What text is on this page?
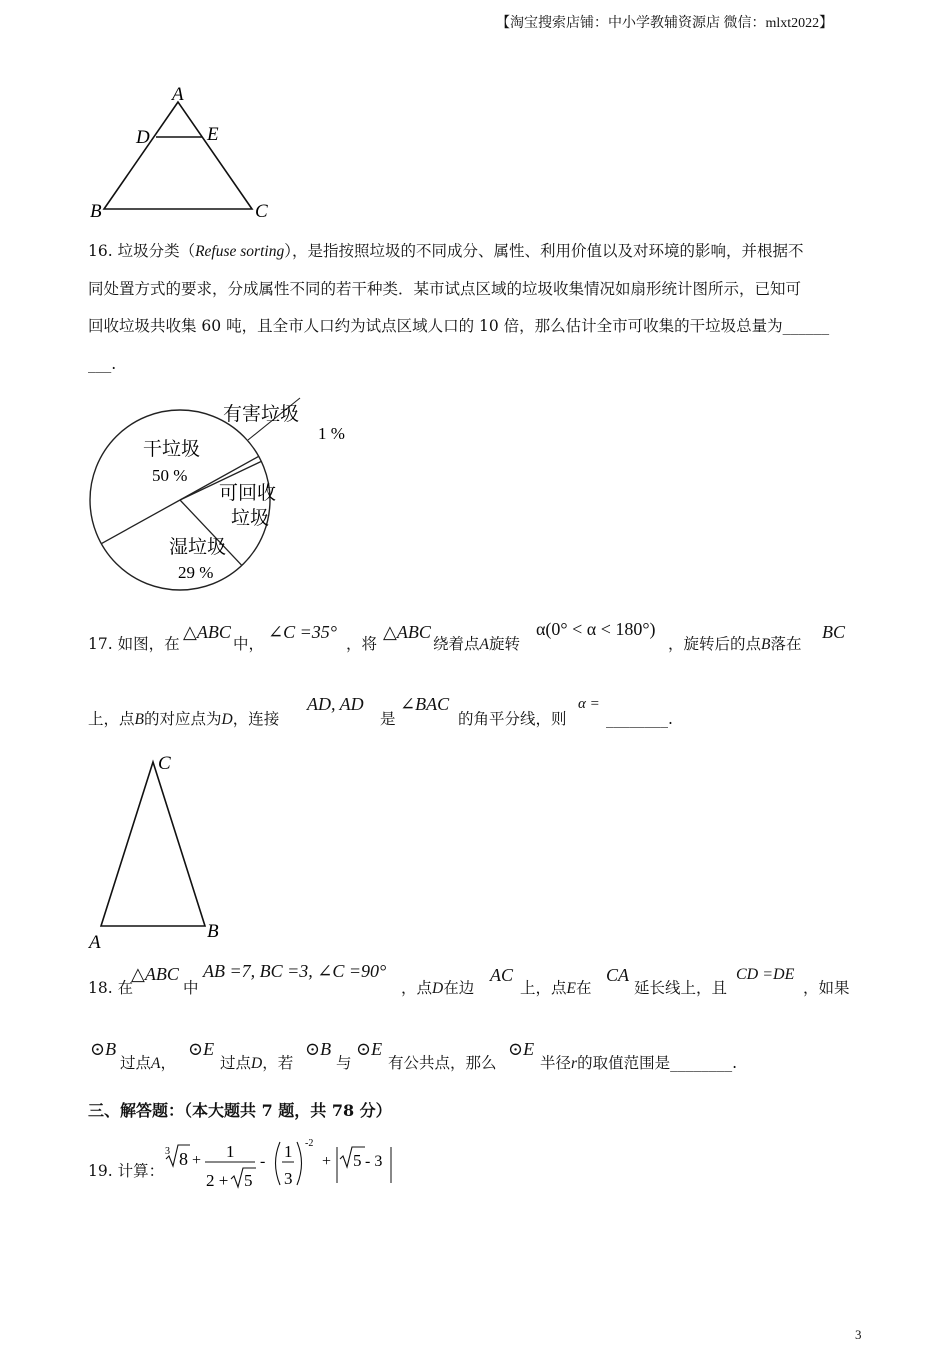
【淘宝搜索店铺：中小学教辅资源店 微信：mlxt2022】
A
D	E
B	C
16. 垃圾分类（Refuse sorting），是指按照垃圾的不同成分、属性、利用价值以及对环境的影响，并根据不
同处置方式的要求，分成属性不同的若干种类．某市试点区域的垃圾收集情况如扇形统计图所示，已知可
回收垃圾共收集 60 吨，且全市人口约为试点区域人口的 10 倍，那么估计全市可收集的干垃圾总量为______
___.
有害垃圾
1 %
干垃圾
50 %
可回收
垃圾
湿垃圾
29 %
17. 如图，在
△ABC
中，
∠C =35°
，将
△ABC
绕着点A旋转
α(0° < α < 180°)
，旋转后的点B落在
BC
上，点B的对应点为D，连接
AD, AD
是
∠BAC
的角平分线，则
α =
________.
C
A
B
18. 在
△ABC
中
AB =7, BC =3, ∠C =90°
，点D在边
AC
上，点E在
CA
延长线上，且
CD =DE
，如果
⊙B
过点A，
⊙E
过点D，若
⊙B
与
⊙E
有公共点，那么
⊙E
半径r的取值范围是________.
三、解答题：（本大题共 7 题，共 78 分）
19. 计算：
3 8 + 1
2 + 5
-
1
3
-2
+ 5 - 3
3
